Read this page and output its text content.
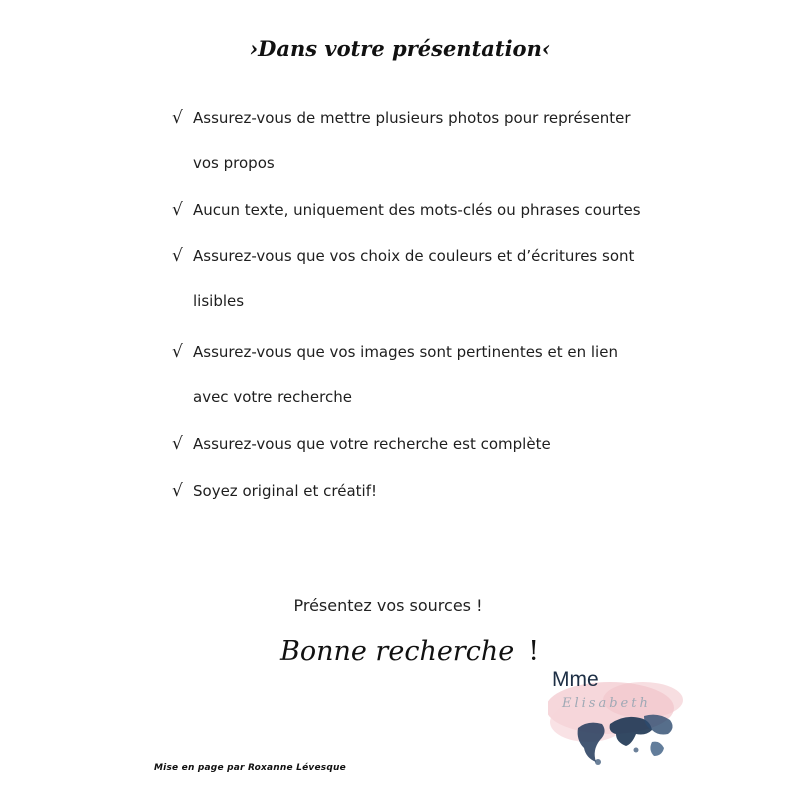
›Dans votre présentation‹
√ Assurez-vous de mettre plusieurs photos pour représenter vos propos
√ Aucun texte, uniquement des mots-clés ou phrases courtes
√ Assurez-vous que vos choix de couleurs et d’écritures sont lisibles
√ Assurez-vous que vos images sont pertinentes et en lien avec votre recherche
√ Assurez-vous que votre recherche est complète
√ Soyez original et créatif!
Présentez vos sources !
Bonne recherche !
Mise en page par Roxanne Lévesque
Mme
Elisabeth
